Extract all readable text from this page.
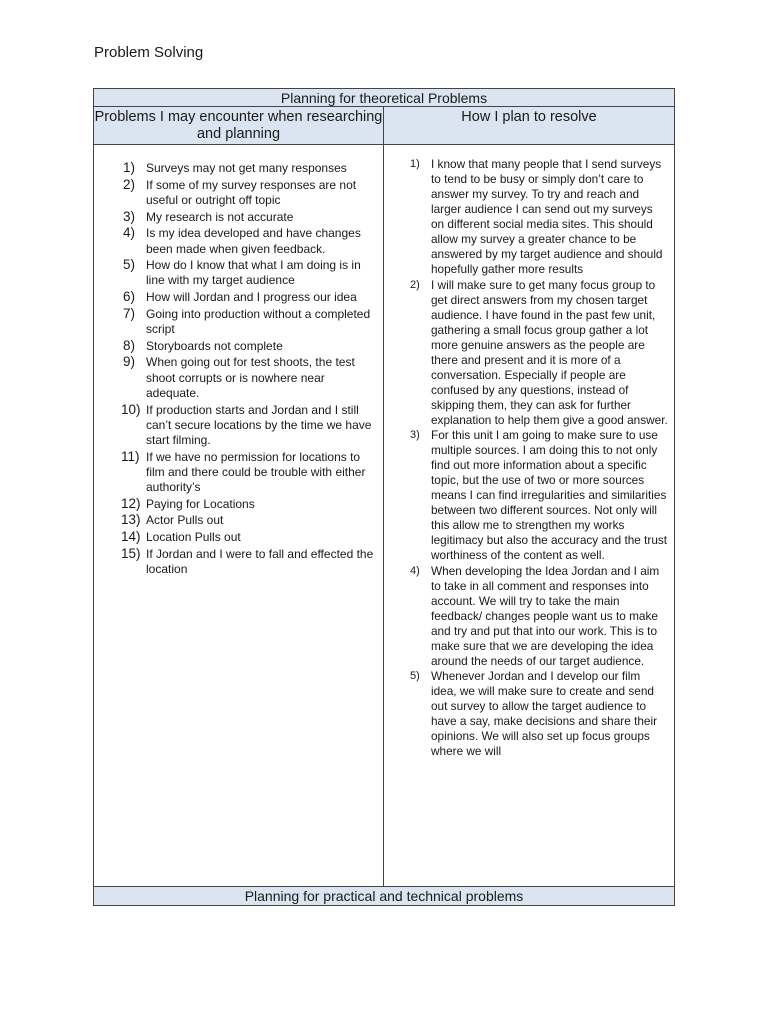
Problem Solving
Planning for theoretical Problems
Problems I may encounter when researching and planning
How I plan to resolve
1) Surveys may not get many responses
2) If some of my survey responses are not useful or outright off topic
3) My research is not accurate
4) Is my idea developed and have changes been made when given feedback.
5) How do I know that what I am doing is in line with my target audience
6) How will Jordan and I progress our idea
7) Going into production without a completed script
8) Storyboards not complete
9) When going out for test shoots, the test shoot corrupts or is nowhere near adequate.
10) If production starts and Jordan and I still can’t secure locations by the time we have start filming.
11) If we have no permission for locations to film and there could be trouble with either authority’s
12) Paying for Locations
13) Actor Pulls out
14) Location Pulls out
15) If Jordan and I were to fall and effected the location
1) I know that many people that I send surveys to tend to be busy or simply don’t care to answer my survey. To try and reach and larger audience I can send out my surveys on different social media sites. This should allow my survey a greater chance to be answered by my target audience and should hopefully gather more results
2) I will make sure to get many focus group to get direct answers from my chosen target audience. I have found in the past few unit, gathering a small focus group gather a lot more genuine answers as the people are there and present and it is more of a conversation. Especially if people are confused by any questions, instead of skipping them, they can ask for further explanation to help them give a good answer.
3) For this unit I am going to make sure to use multiple sources. I am doing this to not only find out more information about a specific topic, but the use of two or more sources means I can find irregularities and similarities between two different sources. Not only will this allow me to strengthen my works legitimacy but also the accuracy and the trust worthiness of the content as well.
4) When developing the Idea Jordan and I aim to take in all comment and responses into account. We will try to take the main feedback/ changes people want us to make and try and put that into our work. This is to make sure that we are developing the idea around the needs of our target audience.
5) Whenever Jordan and I develop our film idea, we will make sure to create and send out survey to allow the target audience to have a say, make decisions and share their opinions. We will also set up focus groups where we will
Planning for practical and technical problems
